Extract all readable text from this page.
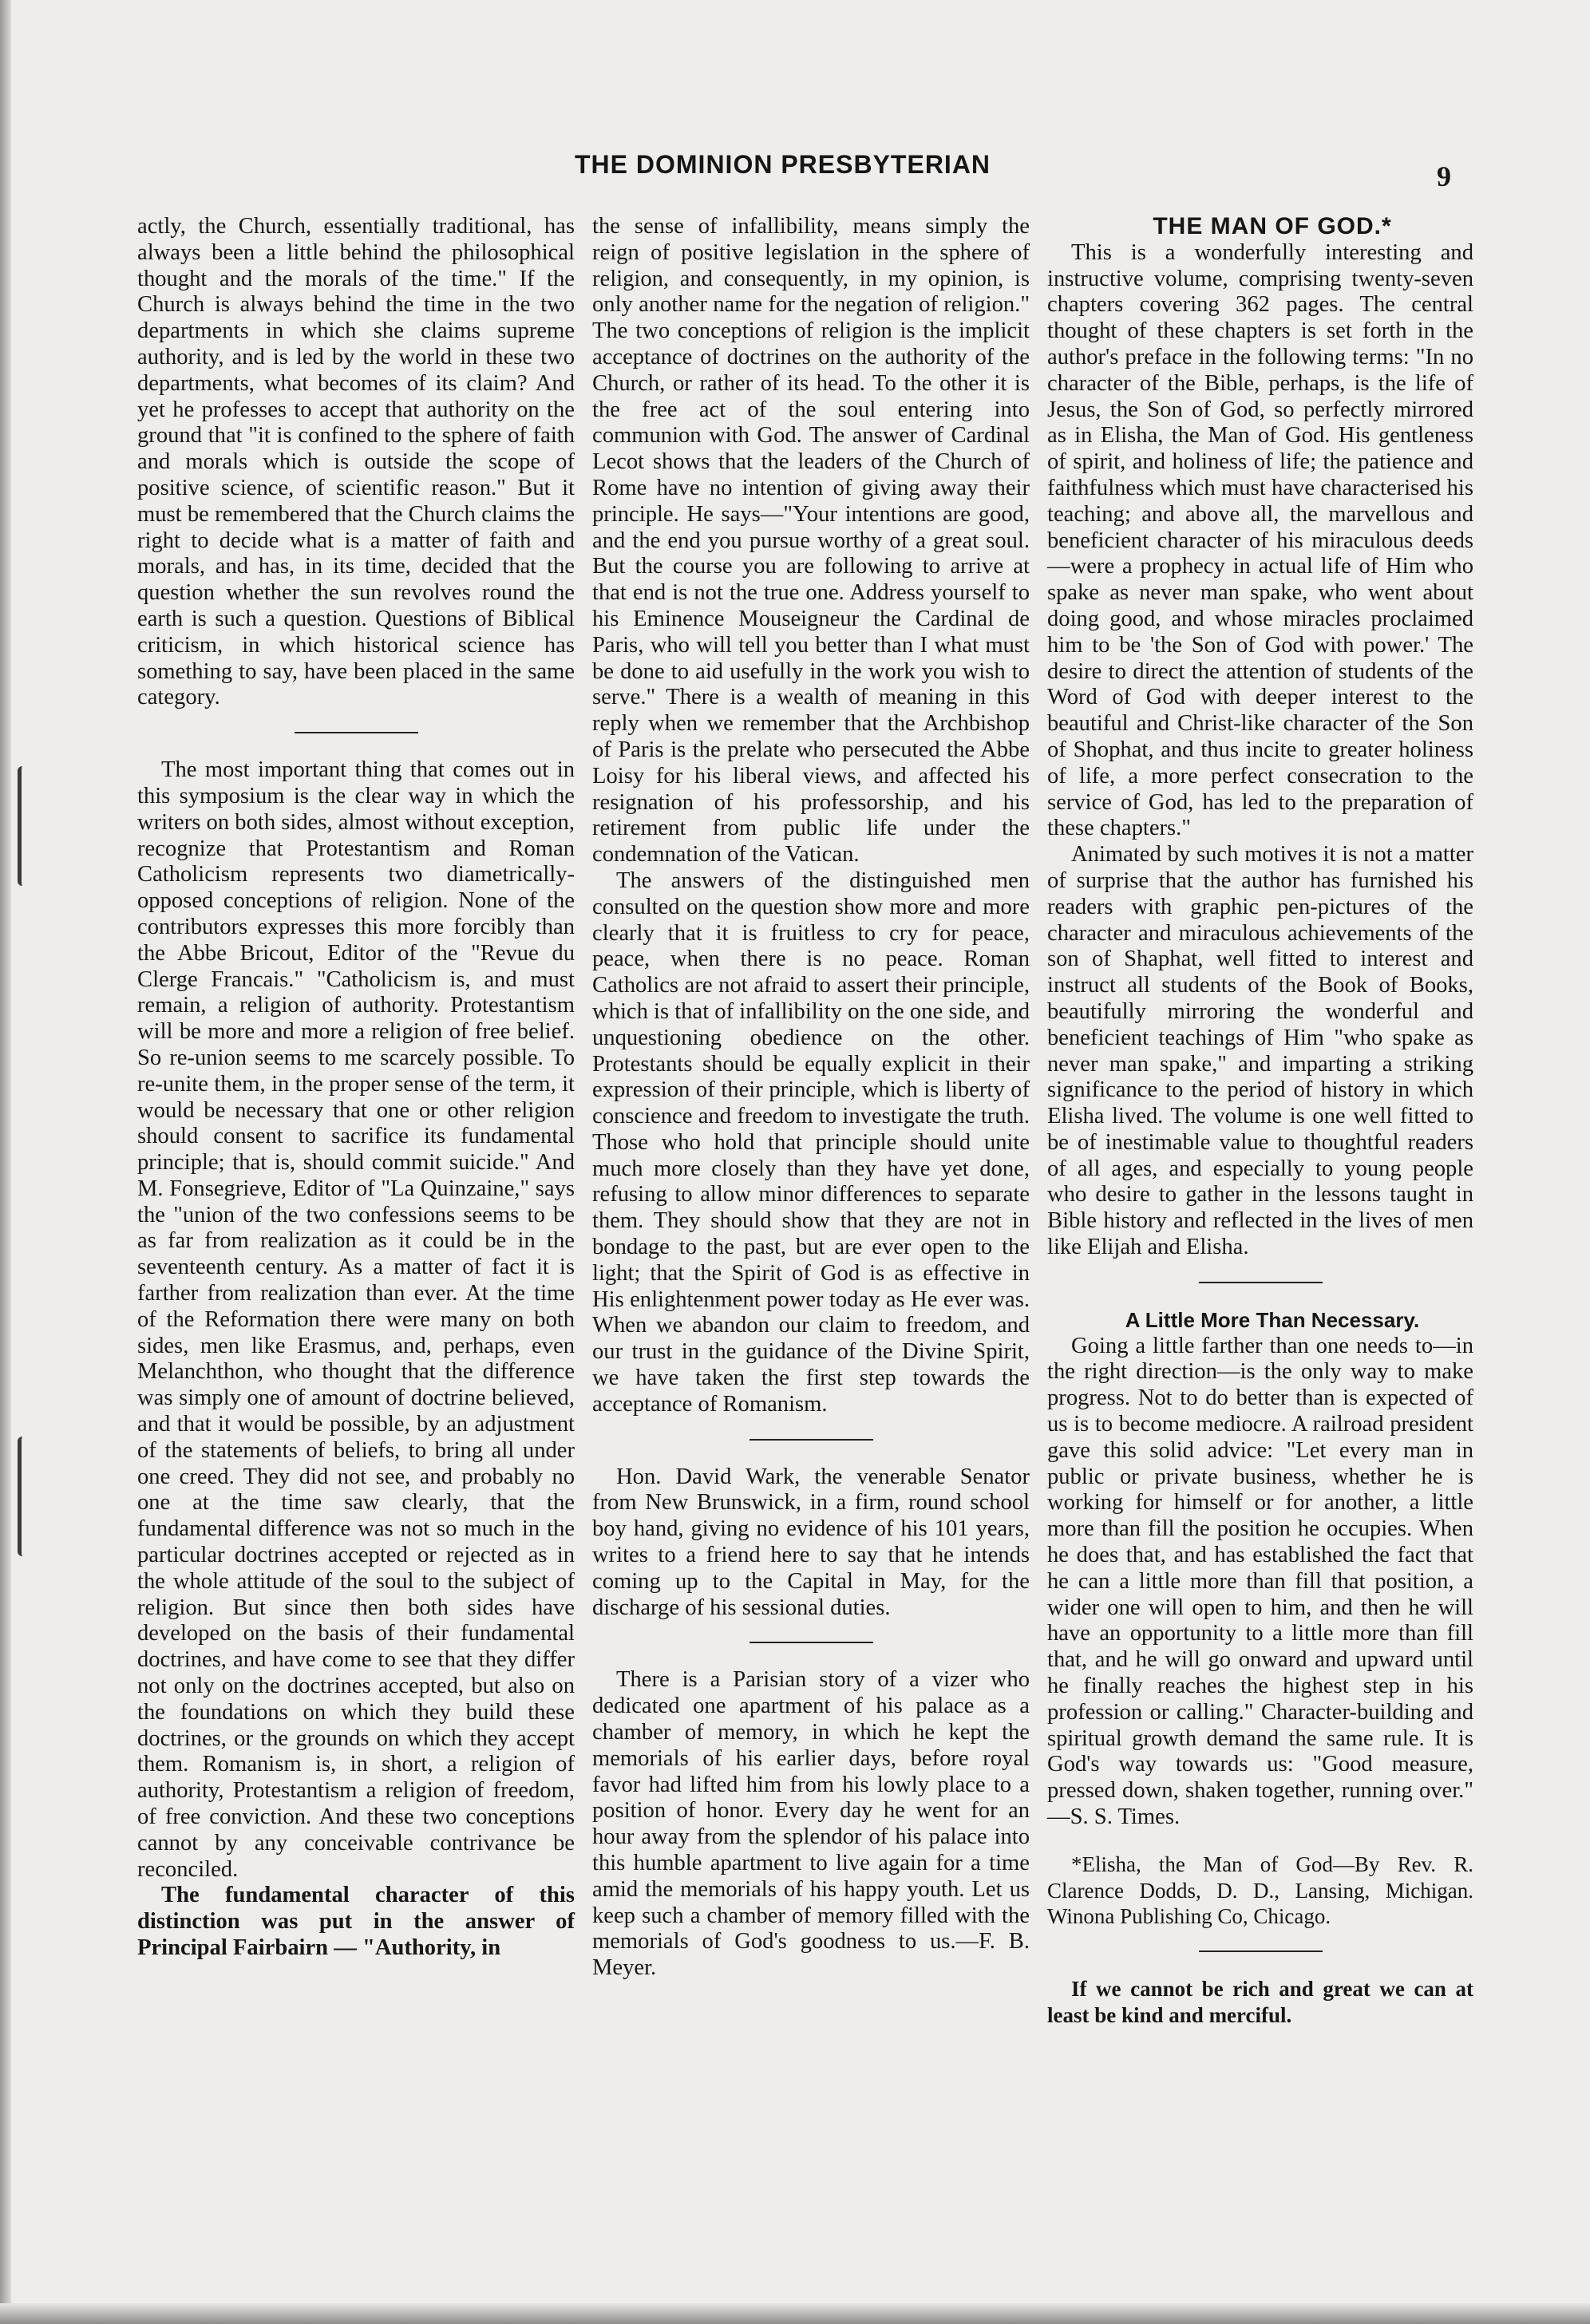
THE DOMINION PRESBYTERIAN	9

actly, the Church, essentially traditional, has always been a little behind the philosophical thought and the morals of the time." If the Church is always behind the time in the two departments in which she claims supreme authority, and is led by the world in these two departments, what becomes of its claim? And yet he professes to accept that authority on the ground that "it is confined to the sphere of faith and morals which is outside the scope of positive science, of scientific reason." But it must be remembered that the Church claims the right to decide what is a matter of faith and morals, and has, in its time, decided that the question whether the sun revolves round the earth is such a question. Questions of Biblical criticism, in which historical science has something to say, have been placed in the same category.

The most important thing that comes out in this symposium is the clear way in which the writers on both sides, almost without exception, recognize that Protestantism and Roman Catholicism represents two diametrically-opposed conceptions of religion. None of the contributors expresses this more forcibly than the Abbe Bricout, Editor of the "Revue du Clerge Francais." "Catholicism is, and must remain, a religion of authority. Protestantism will be more and more a religion of free belief. So re-union seems to me scarcely possible. To re-unite them, in the proper sense of the term, it would be necessary that one or other religion should consent to sacrifice its fundamental principle; that is, should commit suicide." And M. Fonsegrieve, Editor of "La Quinzaine," says the "union of the two confessions seems to be as far from realization as it could be in the seventeenth century. As a matter of fact it is farther from realization than ever. At the time of the Reformation there were many on both sides, men like Erasmus, and, perhaps, even Melanchthon, who thought that the difference was simply one of amount of doctrine believed, and that it would be possible, by an adjustment of the statements of beliefs, to bring all under one creed. They did not see, and probably no one at the time saw clearly, that the fundamental difference was not so much in the particular doctrines accepted or rejected as in the whole attitude of the soul to the subject of religion. But since then both sides have developed on the basis of their fundamental doctrines, and have come to see that they differ not only on the doctrines accepted, but also on the foundations on which they build these doctrines, or the grounds on which they accept them. Romanism is, in short, a religion of authority, Protestantism a religion of freedom, of free conviction. And these two conceptions cannot by any conceivable contrivance be reconciled.

The fundamental character of this distinction was put in the answer of Principal Fairbairn — "Authority, in

the sense of infallibility, means simply the reign of positive legislation in the sphere of religion, and consequently, in my opinion, is only another name for the negation of religion." The two conceptions of religion is the implicit acceptance of doctrines on the authority of the Church, or rather of its head. To the other it is the free act of the soul entering into communion with God. The answer of Cardinal Lecot shows that the leaders of the Church of Rome have no intention of giving away their principle. He says—"Your intentions are good, and the end you pursue worthy of a great soul. But the course you are following to arrive at that end is not the true one. Address yourself to his Eminence Mouseigneur the Cardinal de Paris, who will tell you better than I what must be done to aid usefully in the work you wish to serve." There is a wealth of meaning in this reply when we remember that the Archbishop of Paris is the prelate who persecuted the Abbe Loisy for his liberal views, and affected his resignation of his professorship, and his retirement from public life under the condemnation of the Vatican.

The answers of the distinguished men consulted on the question show more and more clearly that it is fruitless to cry for peace, peace, when there is no peace. Roman Catholics are not afraid to assert their principle, which is that of infallibility on the one side, and unquestioning obedience on the other. Protestants should be equally explicit in their expression of their principle, which is liberty of conscience and freedom to investigate the truth. Those who hold that principle should unite much more closely than they have yet done, refusing to allow minor differences to separate them. They should show that they are not in bondage to the past, but are ever open to the light; that the Spirit of God is as effective in His enlightenment power today as He ever was. When we abandon our claim to freedom, and our trust in the guidance of the Divine Spirit, we have taken the first step towards the acceptance of Romanism.

Hon. David Wark, the venerable Senator from New Brunswick, in a firm, round school boy hand, giving no evidence of his 101 years, writes to a friend here to say that he intends coming up to the Capital in May, for the discharge of his sessional duties.

There is a Parisian story of a vizer who dedicated one apartment of his palace as a chamber of memory, in which he kept the memorials of his earlier days, before royal favor had lifted him from his lowly place to a position of honor. Every day he went for an hour away from the splendor of his palace into this humble apartment to live again for a time amid the memorials of his happy youth. Let us keep such a chamber of memory filled with the memorials of God's goodness to us.—F. B. Meyer.

THE MAN OF GOD.*

This is a wonderfully interesting and instructive volume, comprising twenty-seven chapters covering 362 pages. The central thought of these chapters is set forth in the author's preface in the following terms: "In no character of the Bible, perhaps, is the life of Jesus, the Son of God, so perfectly mirrored as in Elisha, the Man of God. His gentleness of spirit, and holiness of life; the patience and faithfulness which must have characterised his teaching; and above all, the marvellous and beneficient character of his miraculous deeds—were a prophecy in actual life of Him who spake as never man spake, who went about doing good, and whose miracles proclaimed him to be 'the Son of God with power.' The desire to direct the attention of students of the Word of God with deeper interest to the beautiful and Christ-like character of the Son of Shophat, and thus incite to greater holiness of life, a more perfect consecration to the service of God, has led to the preparation of these chapters."

Animated by such motives it is not a matter of surprise that the author has furnished his readers with graphic pen-pictures of the character and miraculous achievements of the son of Shaphat, well fitted to interest and instruct all students of the Book of Books, beautifully mirroring the wonderful and beneficient teachings of Him "who spake as never man spake," and imparting a striking significance to the period of history in which Elisha lived. The volume is one well fitted to be of inestimable value to thoughtful readers of all ages, and especially to young people who desire to gather in the lessons taught in Bible history and reflected in the lives of men like Elijah and Elisha.

A Little More Than Necessary.

Going a little farther than one needs to—in the right direction—is the only way to make progress. Not to do better than is expected of us is to become mediocre. A railroad president gave this solid advice: "Let every man in public or private business, whether he is working for himself or for another, a little more than fill the position he occupies. When he does that, and has established the fact that he can a little more than fill that position, a wider one will open to him, and then he will have an opportunity to a little more than fill that, and he will go onward and upward until he finally reaches the highest step in his profession or calling." Character-building and spiritual growth demand the same rule. It is God's way towards us: "Good measure, pressed down, shaken together, running over." —S. S. Times.

*Elisha, the Man of God—By Rev. R. Clarence Dodds, D. D., Lansing, Michigan. Winona Publishing Co, Chicago.

If we cannot be rich and great we can at least be kind and merciful.
